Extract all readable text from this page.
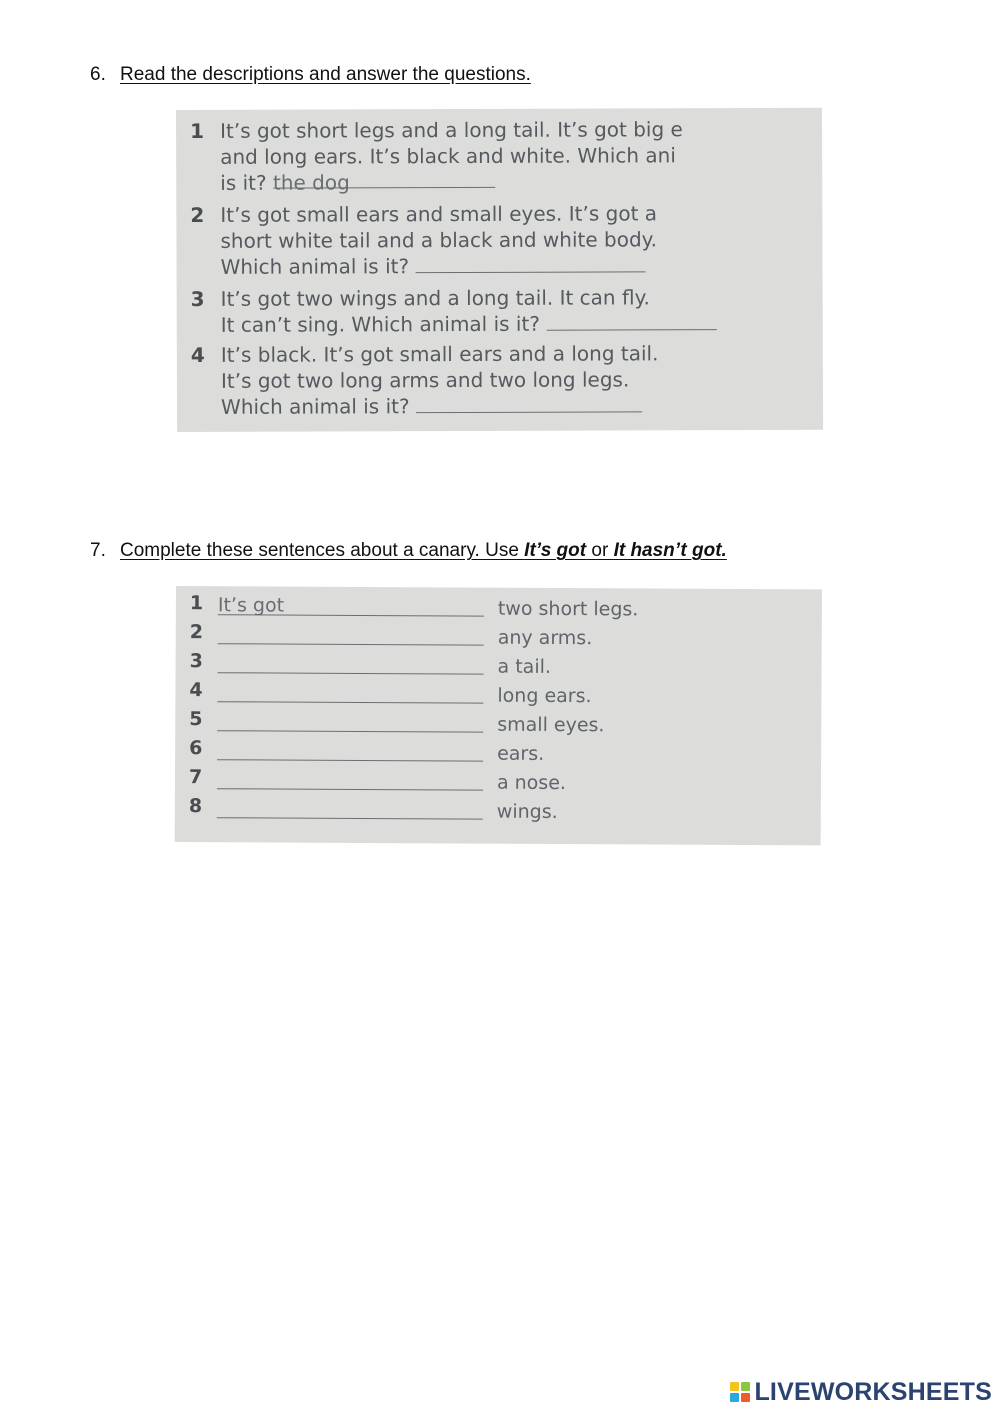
6. Read the descriptions and answer the questions.
1 It’s got short legs and a long tail. It’s got big e
and long ears. It’s black and white. Which ani
is it? the dog
2 It’s got small ears and small eyes. It’s got a
short white tail and a black and white body.
Which animal is it?
3 It’s got two wings and a long tail. It can fly.
It can’t sing. Which animal is it?
4 It’s black. It’s got small ears and a long tail.
It’s got two long arms and two long legs.
Which animal is it?
7. Complete these sentences about a canary. Use It’s got or It hasn’t got.
1 It’s got	two short legs.
2	any arms.
3	a tail.
4	long ears.
5	small eyes.
6	ears.
7	a nose.
8	wings.
LIVEWORKSHEETS
